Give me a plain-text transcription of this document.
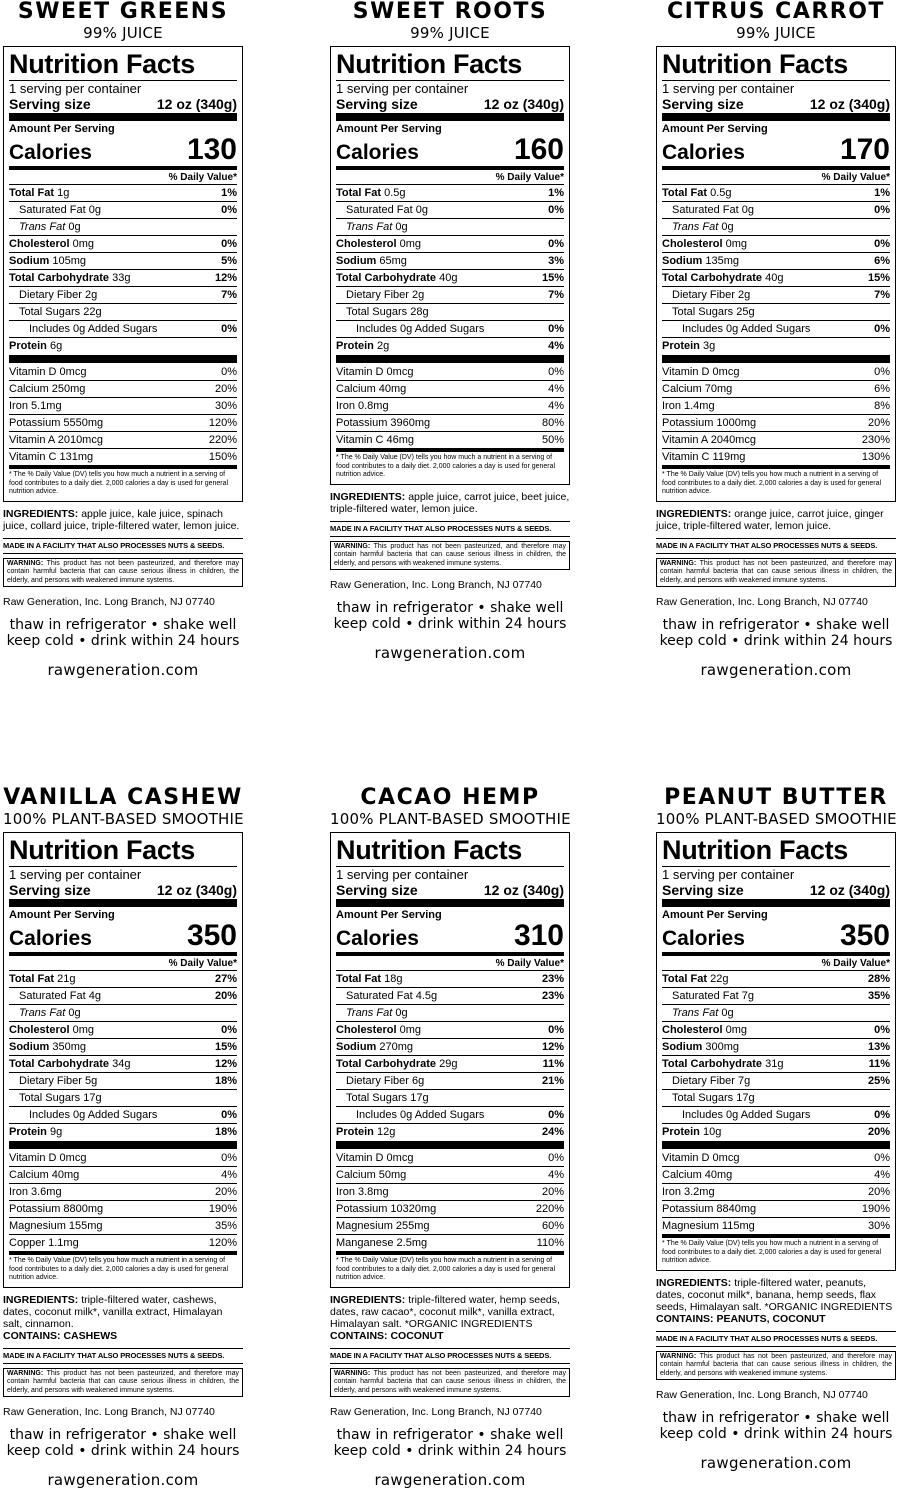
SWEET GREENS
99% JUICE
Nutrition Facts
1 serving per container
Serving size	12 oz (340g)
Amount Per Serving
Calories	130
% Daily Value*
Total Fat 1g	1%
Saturated Fat 0g	0%
Trans Fat 0g
Cholesterol 0mg	0%
Sodium 105mg	5%
Total Carbohydrate 33g	12%
Dietary Fiber 2g	7%
Total Sugars 22g
Includes 0g Added Sugars	0%
Protein 6g
Vitamin D 0mcg	0%
Calcium 250mg	20%
Iron 5.1mg	30%
Potassium 5550mg	120%
Vitamin A 2010mcg	220%
Vitamin C 131mg	150%
* The % Daily Value (DV) tells you how much a nutrient in a serving of food contributes to a daily diet. 2,000 calories a day is used for general nutrition advice.
INGREDIENTS: apple juice, kale juice, spinach juice, collard juice, triple-filtered water, lemon juice.
MADE IN A FACILITY THAT ALSO PROCESSES NUTS & SEEDS.
WARNING: This product has not been pasteurized, and therefore may contain harmful bacteria that can cause serious illness in children, the elderly, and persons with weakened immune systems.
Raw Generation, Inc. Long Branch, NJ 07740
thaw in refrigerator • shake well
keep cold • drink within 24 hours
rawgeneration.com
SWEET ROOTS
99% JUICE
Nutrition Facts
1 serving per container
Serving size	12 oz (340g)
Amount Per Serving
Calories	160
% Daily Value*
Total Fat 0.5g	1%
Saturated Fat 0g	0%
Trans Fat 0g
Cholesterol 0mg	0%
Sodium 65mg	3%
Total Carbohydrate 40g	15%
Dietary Fiber 2g	7%
Total Sugars 28g
Includes 0g Added Sugars	0%
Protein 2g	4%
Vitamin D 0mcg	0%
Calcium 40mg	4%
Iron 0.8mg	4%
Potassium 3960mg	80%
Vitamin C 46mg	50%
* The % Daily Value (DV) tells you how much a nutrient in a serving of food contributes to a daily diet. 2,000 calories a day is used for general nutrition advice.
INGREDIENTS: apple juice, carrot juice, beet juice, triple-filtered water, lemon juice.
MADE IN A FACILITY THAT ALSO PROCESSES NUTS & SEEDS.
WARNING: This product has not been pasteurized, and therefore may contain harmful bacteria that can cause serious illness in children, the elderly, and persons with weakened immune systems.
Raw Generation, Inc. Long Branch, NJ 07740
thaw in refrigerator • shake well
keep cold • drink within 24 hours
rawgeneration.com
CITRUS CARROT
99% JUICE
Nutrition Facts
1 serving per container
Serving size	12 oz (340g)
Amount Per Serving
Calories	170
% Daily Value*
Total Fat 0.5g	1%
Saturated Fat 0g	0%
Trans Fat 0g
Cholesterol 0mg	0%
Sodium 135mg	6%
Total Carbohydrate 40g	15%
Dietary Fiber 2g	7%
Total Sugars 25g
Includes 0g Added Sugars	0%
Protein 3g
Vitamin D 0mcg	0%
Calcium 70mg	6%
Iron 1.4mg	8%
Potassium 1000mg	20%
Vitamin A 2040mcg	230%
Vitamin C 119mg	130%
* The % Daily Value (DV) tells you how much a nutrient in a serving of food contributes to a daily diet. 2,000 calories a day is used for general nutrition advice.
INGREDIENTS: orange juice, carrot juice, ginger juice, triple-filtered water, lemon juice.
MADE IN A FACILITY THAT ALSO PROCESSES NUTS & SEEDS.
WARNING: This product has not been pasteurized, and therefore may contain harmful bacteria that can cause serious illness in children, the elderly, and persons with weakened immune systems.
Raw Generation, Inc. Long Branch, NJ 07740
thaw in refrigerator • shake well
keep cold • drink within 24 hours
rawgeneration.com
VANILLA CASHEW
100% PLANT-BASED SMOOTHIE
Nutrition Facts
1 serving per container
Serving size	12 oz (340g)
Amount Per Serving
Calories	350
% Daily Value*
Total Fat 21g	27%
Saturated Fat 4g	20%
Trans Fat 0g
Cholesterol 0mg	0%
Sodium 350mg	15%
Total Carbohydrate 34g	12%
Dietary Fiber 5g	18%
Total Sugars 17g
Includes 0g Added Sugars	0%
Protein 9g	18%
Vitamin D 0mcg	0%
Calcium 40mg	4%
Iron 3.6mg	20%
Potassium 8800mg	190%
Magnesium 155mg	35%
Copper 1.1mg	120%
* The % Daily Value (DV) tells you how much a nutrient in a serving of food contributes to a daily diet. 2,000 calories a day is used for general nutrition advice.
INGREDIENTS: triple-filtered water, cashews, dates, coconut milk*, vanilla extract, Himalayan salt, cinnamon.
CONTAINS: CASHEWS
MADE IN A FACILITY THAT ALSO PROCESSES NUTS & SEEDS.
WARNING: This product has not been pasteurized, and therefore may contain harmful bacteria that can cause serious illness in children, the elderly, and persons with weakened immune systems.
Raw Generation, Inc. Long Branch, NJ 07740
thaw in refrigerator • shake well
keep cold • drink within 24 hours
rawgeneration.com
CACAO HEMP
100% PLANT-BASED SMOOTHIE
Nutrition Facts
1 serving per container
Serving size	12 oz (340g)
Amount Per Serving
Calories	310
% Daily Value*
Total Fat 18g	23%
Saturated Fat 4.5g	23%
Trans Fat 0g
Cholesterol 0mg	0%
Sodium 270mg	12%
Total Carbohydrate 29g	11%
Dietary Fiber 6g	21%
Total Sugars 17g
Includes 0g Added Sugars	0%
Protein 12g	24%
Vitamin D 0mcg	0%
Calcium 50mg	4%
Iron 3.8mg	20%
Potassium 10320mg	220%
Magnesium 255mg	60%
Manganese 2.5mg	110%
* The % Daily Value (DV) tells you how much a nutrient in a serving of food contributes to a daily diet. 2,000 calories a day is used for general nutrition advice.
INGREDIENTS: triple-filtered water, hemp seeds, dates, raw cacao*, coconut milk*, vanilla extract, Himalayan salt. *ORGANIC INGREDIENTS
CONTAINS: COCONUT
MADE IN A FACILITY THAT ALSO PROCESSES NUTS & SEEDS.
WARNING: This product has not been pasteurized, and therefore may contain harmful bacteria that can cause serious illness in children, the elderly, and persons with weakened immune systems.
Raw Generation, Inc. Long Branch, NJ 07740
thaw in refrigerator • shake well
keep cold • drink within 24 hours
rawgeneration.com
PEANUT BUTTER
100% PLANT-BASED SMOOTHIE
Nutrition Facts
1 serving per container
Serving size	12 oz (340g)
Amount Per Serving
Calories	350
% Daily Value*
Total Fat 22g	28%
Saturated Fat 7g	35%
Trans Fat 0g
Cholesterol 0mg	0%
Sodium 300mg	13%
Total Carbohydrate 31g	11%
Dietary Fiber 7g	25%
Total Sugars 17g
Includes 0g Added Sugars	0%
Protein 10g	20%
Vitamin D 0mcg	0%
Calcium 40mg	4%
Iron 3.2mg	20%
Potassium 8840mg	190%
Magnesium 115mg	30%
* The % Daily Value (DV) tells you how much a nutrient in a serving of food contributes to a daily diet. 2,000 calories a day is used for general nutrition advice.
INGREDIENTS: triple-filtered water, peanuts, dates, coconut milk*, banana, hemp seeds, flax seeds, Himalayan salt. *ORGANIC INGREDIENTS
CONTAINS: PEANUTS, COCONUT
MADE IN A FACILITY THAT ALSO PROCESSES NUTS & SEEDS.
WARNING: This product has not been pasteurized, and therefore may contain harmful bacteria that can cause serious illness in children, the elderly, and persons with weakened immune systems.
Raw Generation, Inc. Long Branch, NJ 07740
thaw in refrigerator • shake well
keep cold • drink within 24 hours
rawgeneration.com
